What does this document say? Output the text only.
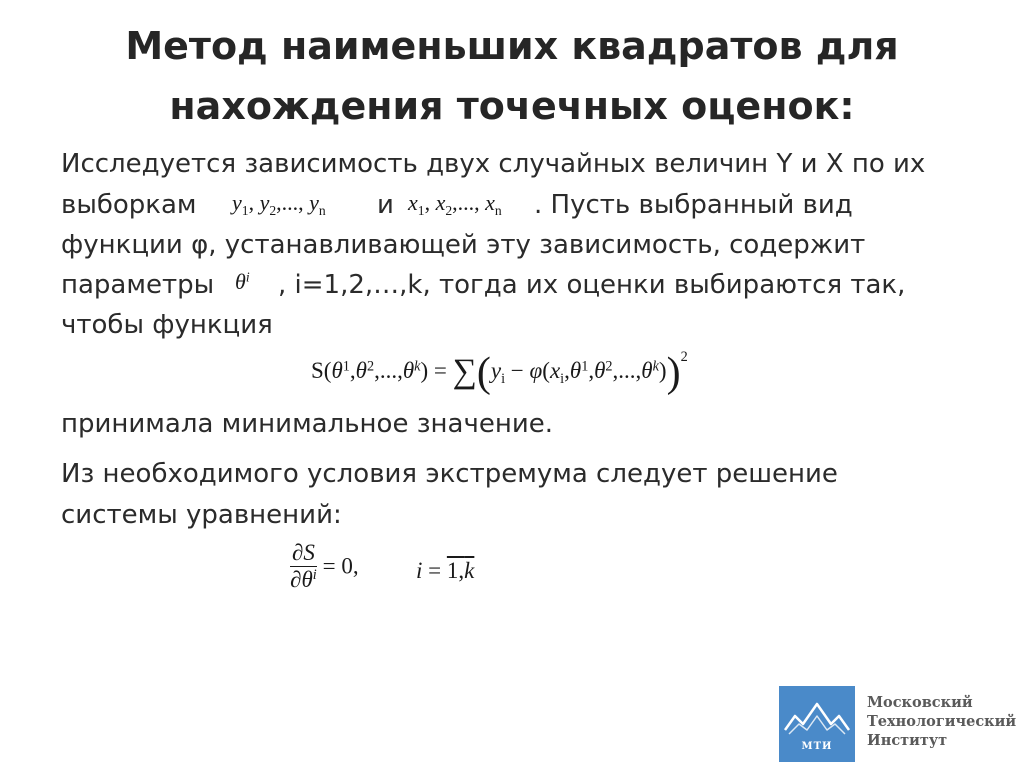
Метод наименьших квадратов для
нахождения точечных оценок:
Исследуется зависимость двух случайных величин Y и X по их
выборкам $y_1$, $y_2$,..., $y_n$ и $x_1$, $x_2$,..., $x_n$ . Пусть выбранный вид
функции φ, устанавливающей эту зависимость, содержит
параметры $\theta^i$ , i=1,2,…,k, тогда их оценки выбираются так,
чтобы функция
$S(\theta^1,\theta^2,...,\theta^k) = \sum(y_i - \varphi(x_i,\theta^1,\theta^2,...,\theta^k))^2$
принимала минимальное значение.
Из необходимого условия экстремума следует решение
системы уравнений:
$\frac{\partial S}{\partial\theta^i} = 0$, $i = 1,\overline{k}$
МТИ
Московский
Технологический
Институт
